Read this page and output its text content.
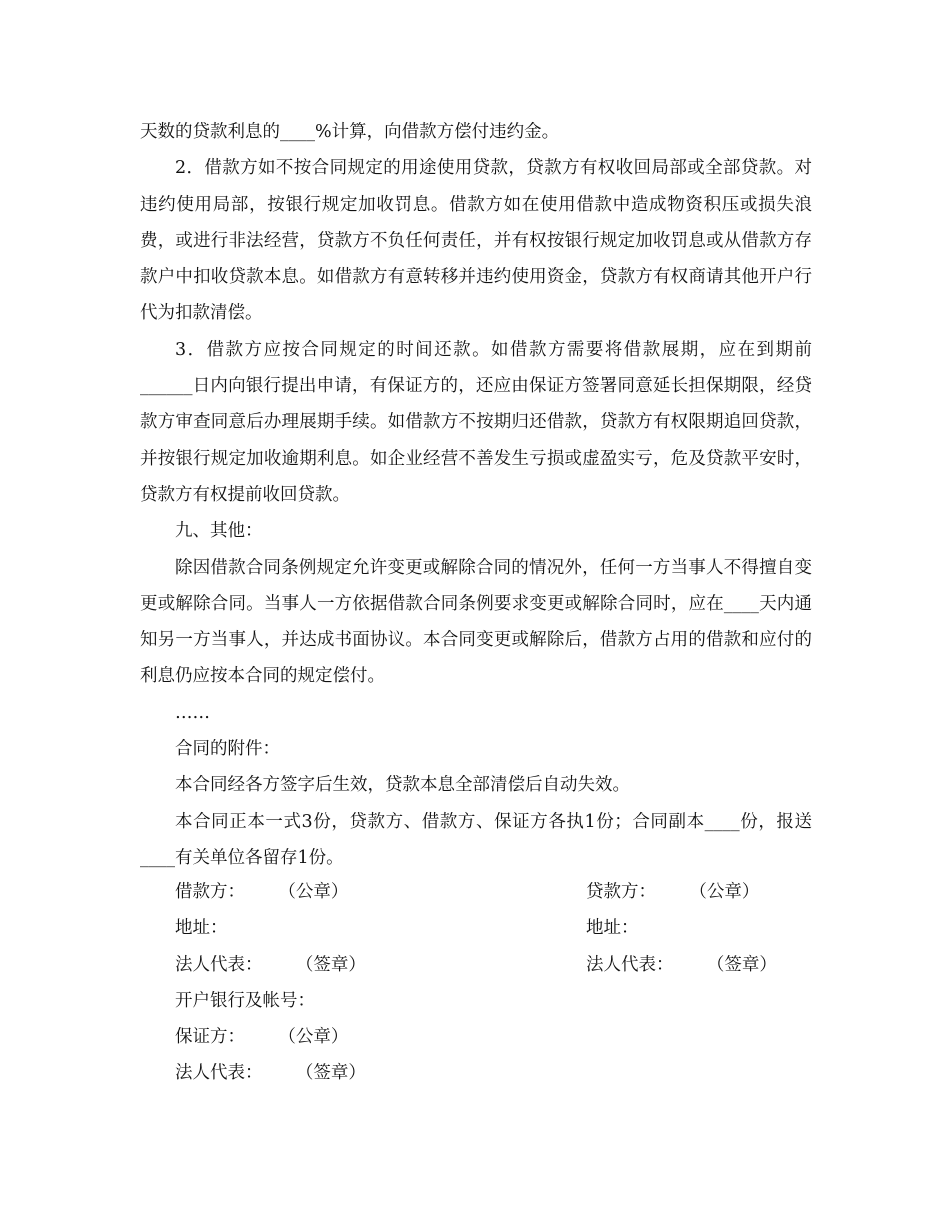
天数的贷款利息的____%计算，向借款方偿付违约金。

2．借款方如不按合同规定的用途使用贷款，贷款方有权收回局部或全部贷款。对违约使用局部，按银行规定加收罚息。借款方如在使用借款中造成物资积压或损失浪费，或进行非法经营，贷款方不负任何责任，并有权按银行规定加收罚息或从借款方存款户中扣收贷款本息。如借款方有意转移并违约使用资金，贷款方有权商请其他开户行代为扣款清偿。

3．借款方应按合同规定的时间还款。如借款方需要将借款展期，应在到期前______日内向银行提出申请，有保证方的，还应由保证方签署同意延长担保期限，经贷款方审查同意后办理展期手续。如借款方不按期归还借款，贷款方有权限期追回贷款，并按银行规定加收逾期利息。如企业经营不善发生亏损或虚盈实亏，危及贷款平安时，贷款方有权提前收回贷款。

九、其他：

除因借款合同条例规定允许变更或解除合同的情况外，任何一方当事人不得擅自变更或解除合同。当事人一方依据借款合同条例要求变更或解除合同时，应在____天内通知另一方当事人，并达成书面协议。本合同变更或解除后，借款方占用的借款和应付的利息仍应按本合同的规定偿付。

……

合同的附件：

本合同经各方签字后生效，贷款本息全部清偿后自动失效。

本合同正本一式3份，贷款方、借款方、保证方各执1份；合同副本____份，报送____有关单位各留存1份。

借款方：      （公章）	贷款方：      （公章）
地址：	地址：
法人代表：      （签章）	法人代表：      （签章）
开户银行及帐号：
保证方：      （公章）
法人代表：      （签章）
